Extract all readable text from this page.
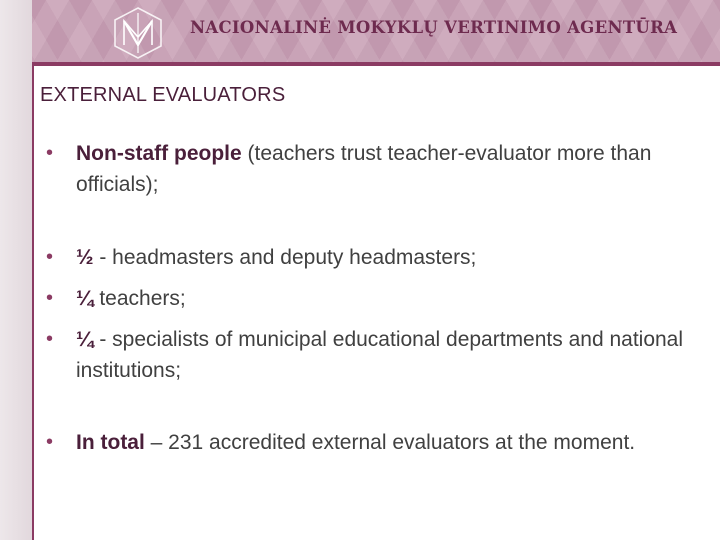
NACIONALINĖ MOKYKLŲ VERTINIMO AGENTŪRA
EXTERNAL EVALUATORS
•	Non-staff people (teachers trust teacher-evaluator more than officials);
•	½ - headmasters and deputy headmasters;
•	¼ teachers;
•	¼ - specialists of municipal educational departments and national institutions;
•	In total – 231 accredited external evaluators at the moment.
